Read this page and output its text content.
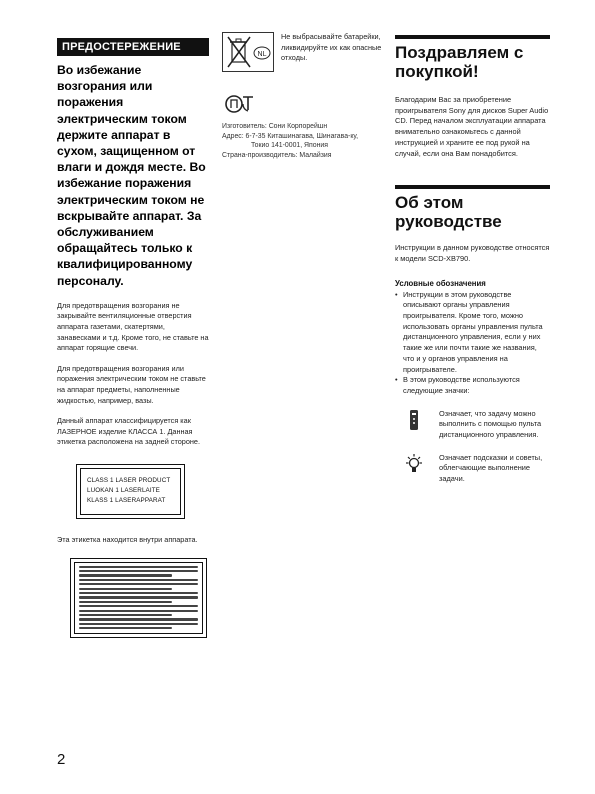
ПРЕДОСТЕРЕЖЕНИЕ
Во избежание возгорания или поражения электрическим током держите аппарат в сухом, защищенном от влаги и дождя месте. Во избежание поражения электрическим током не вскрывайте аппарат. За обслуживанием обращайтесь только к квалифицированному персоналу.
Для предотвращения возгорания не закрывайте вентиляционные отверстия аппарата газетами, скатертями, занавесками и т.д. Кроме того, не ставьте на аппарат горящие свечи.
Для предотвращения возгорания или поражения электрическим током не ставьте на аппарат предметы, наполненные жидкостью, например, вазы.
Данный аппарат классифицируется как ЛАЗЕРНОЕ изделие КЛАССА 1. Данная этикетка расположена на задней стороне.
CLASS 1 LASER PRODUCT
LUOKAN 1 LASERLAITE
KLASS 1 LASERAPPARAT
Эта этикетка находится внутри аппарата.
NL
Не выбрасывайте батарейки, ликвидируйте их как опасные отходы.
Изготовитель: Сони Корпорейшн
Адрес: 6-7-35 Киташинагава, Шинагава-ку,
Токио 141-0001, Япония
Страна-производитель: Малайзия
Поздравляем с покупкой!
Благодарим Вас за приобретение проигрывателя Sony для дисков Super Audio CD. Перед началом эксплуатации аппарата внимательно ознакомьтесь с данной инструкцией и храните ее под рукой на случай, если она Вам понадобится.
Об этом руководстве
Инструкции в данном руководстве относятся к модели SCD-XB790.
Условные обозначения
• Инструкции в этом руководстве описывают органы управления проигрывателя. Кроме того, можно использовать органы управления пульта дистанционного управления, если у них такие же или почти такие же названия, что и у органов управления на проигрывателе.
• В этом руководстве используются следующие значки:
Означает, что задачу можно выполнить с помощью пульта дистанционного управления.
Означает подсказки и советы, облегчающие выполнение задачи.
2
